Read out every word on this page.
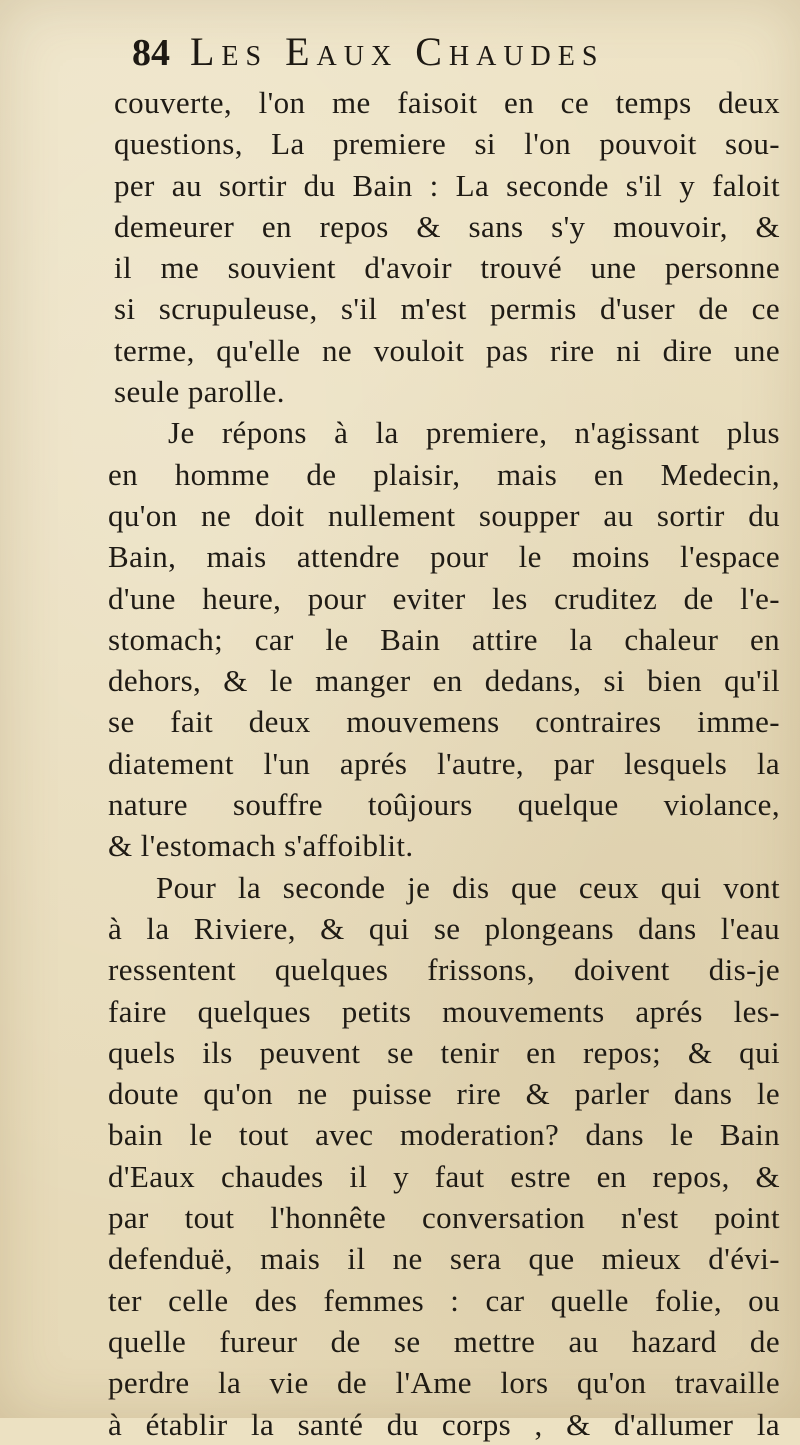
84 Les Eaux Chaudes
couverte, l'on me faisoit en ce temps deux
questions, La premiere si l'on pouvoit sou-
per au sortir du Bain : La seconde s'il y faloit
demeurer en repos & sans s'y mouvoir, &
il me souvient d'avoir trouvé une personne
si scrupuleuse, s'il m'est permis d'user de ce
terme, qu'elle ne vouloit pas rire ni dire une
seule parolle.
Je répons à la premiere, n'agissant plus
en homme de plaisir, mais en Medecin,
qu'on ne doit nullement soupper au sortir du
Bain, mais attendre pour le moins l'espace
d'une heure, pour eviter les cruditez de l'e-
stomach; car le Bain attire la chaleur en
dehors, & le manger en dedans, si bien qu'il
se fait deux mouvemens contraires imme-
diatement l'un aprés l'autre, par lesquels la
nature souffre toûjours quelque violance,
& l'estomach s'affoiblit.
Pour la seconde je dis que ceux qui vont
à la Riviere, & qui se plongeans dans l'eau
ressentent quelques frissons, doivent dis-je
faire quelques petits mouvements aprés les-
quels ils peuvent se tenir en repos; & qui
doute qu'on ne puisse rire & parler dans le
bain le tout avec moderation? dans le Bain
d'Eaux chaudes il y faut estre en repos, &
par tout l'honnête conversation n'est point
defenduë, mais il ne sera que mieux d'évi-
ter celle des femmes : car quelle folie, ou
quelle fureur de se mettre au hazard de
perdre la vie de l'Ame lors qu'on travaille
à établir la santé du corps , & d'allumer la
